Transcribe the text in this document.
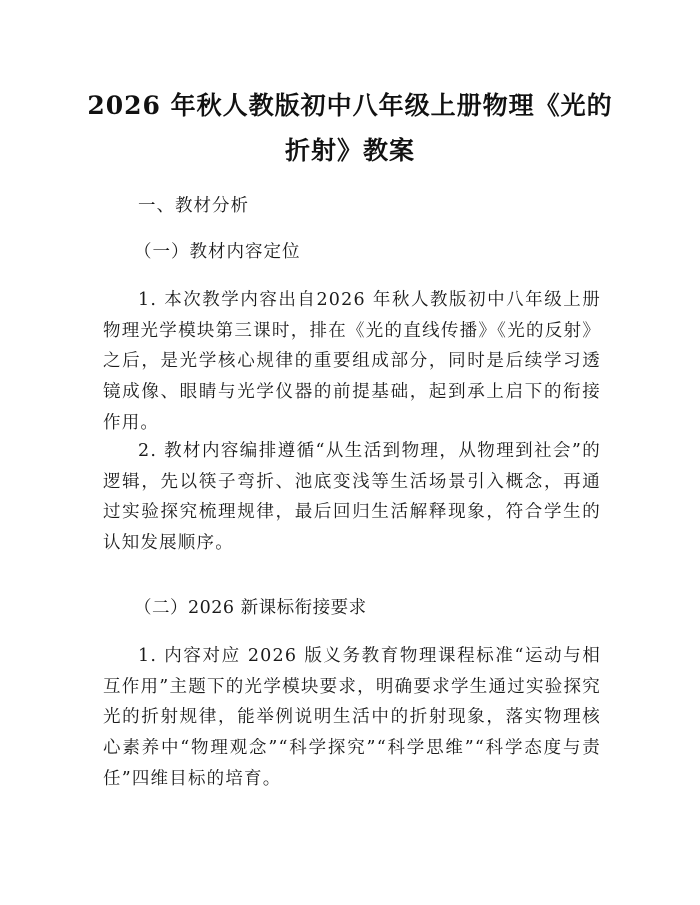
2026 年秋人教版初中八年级上册物理《光的
折射》教案
一、教材分析
（一）教材内容定位
1. 本次教学内容出自2026 年秋人教版初中八年级上册物理光学模块第三课时，排在《光的直线传播》《光的反射》之后，是光学核心规律的重要组成部分，同时是后续学习透镜成像、眼睛与光学仪器的前提基础，起到承上启下的衔接作用。
2. 教材内容编排遵循“从生活到物理，从物理到社会”的逻辑，先以筷子弯折、池底变浅等生活场景引入概念，再通过实验探究梳理规律，最后回归生活解释现象，符合学生的认知发展顺序。
（二）2026 新课标衔接要求
1. 内容对应 2026 版义务教育物理课程标准“运动与相互作用”主题下的光学模块要求，明确要求学生通过实验探究光的折射规律，能举例说明生活中的折射现象，落实物理核心素养中“物理观念”“科学探究”“科学思维”“科学态度与责任”四维目标的培育。
